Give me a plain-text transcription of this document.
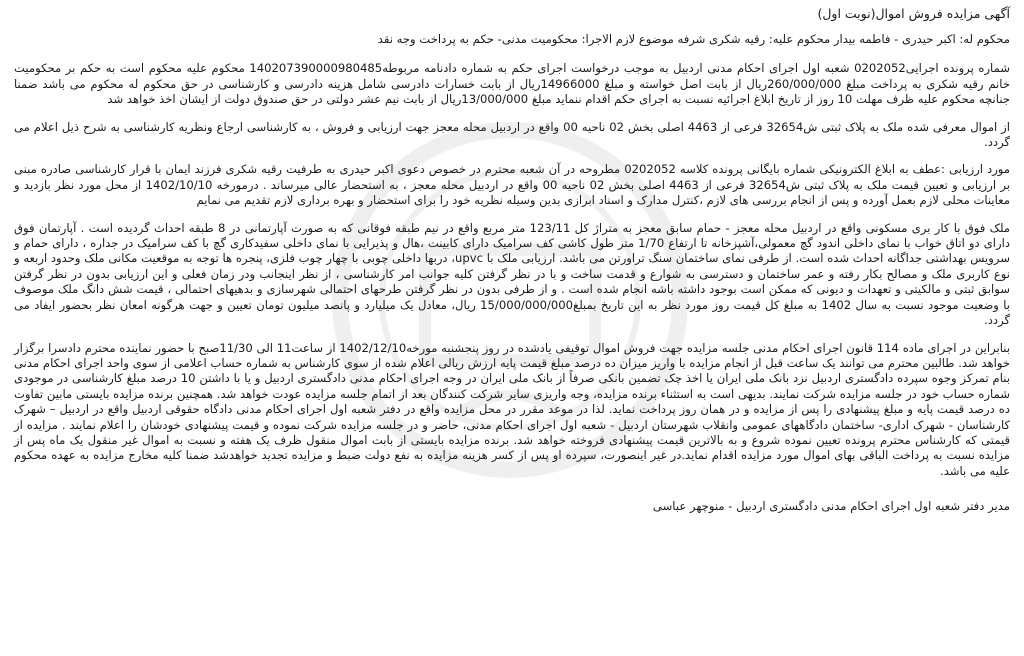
آگهی مزایده فروش اموال(نوبت اول)
محکوم له: اکبر حیدری - فاطمه بیدار محکوم علیه: رقیه شکری شرفه موضوع لازم الاجرا: محکومیت مدنی- حکم به پرداخت وجه نقد
شماره پرونده اجرایی0202052 شعبه اول اجرای احکام مدنی اردبیل به موجب درخواست اجرای حکم به شماره دادنامه مربوطه140207390000980485 محکوم علیه محکوم است به حکم بر محکومیت خانم رقیه شکری به پرداخت مبلغ 260/000/000ریال از بابت اصل خواسته و مبلغ 14966000ریال از بابت خسارات دادرسی شامل هزینه دادرسی و کارشناسی در حق محکوم له محکوم می باشد ضمنا جنانچه محکوم علیه ظرف مهلت 10 روز از تاریخ ابلاغ اجرائیه نسبت به اجرای حکم اقدام ننماید مبلغ 13/000/000ریال از بابت نیم عشر دولتی در حق صندوق دولت از ایشان اخذ خواهد شد
از اموال معرفی شده ملک به پلاک ثبتی ش32654 فرعی از 4463 اصلی بخش 02 ناحیه 00 واقع در اردبیل محله معجز جهت ارزیابی و فروش ، به کارشناسی ارجاع ونظریه کارشناسی به شرح ذیل اعلام می گردد.
مورد ارزیابی :عطف به ابلاغ الکترونیکی شماره بایگانی پرونده کلاسه 0202052 مطروحه در آن شعبه محترم در خصوص دعوی اکبر حیدری به طرفیت رقیه شکری فرزند ایمان با قرار کارشناسی صادره مبنی بر ارزیابی و تعیین قیمت ملک به پلاک ثبتی ش32654 فرعی از 4463 اصلی بخش 02 ناحیه 00 واقع در اردبیل محله معجز ، به استحضار عالی میرساند . درمورخه 1402/10/10 از محل مورد نظر بازدید و معاینات محلی لازم بعمل آورده و پس از انجام بررسی های لازم ،کنترل مدارک و اسناد ابرازی بدین وسیله نظریه خود را برای استحضار و بهره برداری لازم تقدیم می نمایم
ملک فوق با کار بری مسکونی واقع در اردبیل محله معجز - حمام سابق معجز به متراژ کل 123/11 متر مربع واقع در نیم طبقه فوقانی که به صورت آپارتمانی در 8 طبقه احداث گردیده است . آپارتمان فوق دارای دو اتاق خواب با نمای داخلی اندود گچ معمولی،آشپزخانه تا ارتفاع 1/70 متر طول کاشی کف سرامیک دارای کابینت ،هال و پذیرایی با نمای داخلی سفیدکاری گچ با کف سرامیک در جداره ، دارای حمام و سرویس بهداشتی جداگانه احداث شده است. از طرفی نمای ساختمان سنگ تراورتن می باشد. ارزیابی ملک با upvc، دربها داخلی چوبی با چهار چوب فلزی، پنجره ها توجه به موقعیت مکانی ملک وحدود اربعه و نوع کاربری ملک و مصالح بکار رفته و عمر ساختمان و دسترسی به شوارع و قدمت ساخت و با در نظر گرفتن کلیه جوانب امر کارشناسی ، از نظر اینجانب ودر زمان فعلی و این ارزیابی بدون در نظر گرفتن سوابق ثبتی و مالکیتی و تعهدات و دیونی که ممکن است بوجود داشته باشه انجام شده است . و از طرفی بدون در نظر گرفتن طرحهای احتمالی شهرسازی و بدهیهای احتمالی ، قیمت شش دانگ ملک موصوف با وضعیت موجود نسبت به سال 1402 به مبلغ کل قیمت روز مورد نظر به این تاریخ بمبلغ15/000/000/000 ریال، معادل یک میلیارد و پانصد میلیون تومان تعیین و جهت هرگونه امعان نظر بحضور ایفاد می گردد.
بنابراین در اجرای ماده 114 قانون اجرای احکام مدنی جلسه مزایده جهت فروش اموال توقیفی یادشده در روز پنجشنبه مورخه1402/12/10 از ساعت11 الی 11/30صبح با حضور نماینده محترم دادسرا برگزار خواهد شد. طالبین محترم می توانند یک ساعت قبل از انجام مزایده با واریز میزان ده درصد مبلغ قیمت پایه ارزش ریالی اعلام شده از سوی کارشناس به شماره حساب اعلامی از سوی واحد اجرای احکام مدنی بنام تمرکز وجوه سپرده دادگستری اردبیل نزد بانک ملی ایران یا اخذ چک تضمین بانکی صرفاً از بانک ملی ایران در وجه اجرای احکام مدنی دادگستری اردبیل و یا با داشتن 10 درصد مبلغ کارشناسی در موجودی شماره حساب خود در جلسه مزایده شرکت نمایند. بدیهی است به استثناء برنده مزایده، وجه واریزی سایر شرکت کنندگان بعد از اتمام جلسه مزایده عودت خواهد شد. همچنین برنده مزایده بایستی مابین تفاوت ده درصد قیمت پایه و مبلغ پیشنهادی را پس از مزایده و در همان روز پرداخت نماید. لذا در موعد مقرر در محل مزایده واقع در دفتر شعبه اول اجرای احکام مدنی دادگاه حقوقی اردبیل واقع در اردبیل – شهرک کارشناسان - شهرک اداری- ساختمان دادگاههای عمومی وانقلاب شهرستان اردبیل - شعبه اول اجرای احکام مدنی، حاضر و در جلسه مزایده شرکت نموده و قیمت پیشنهادی خودشان را اعلام نمایند . مزایده از قیمتی که کارشناس محترم پرونده تعیین نموده شروع و به بالاترین قیمت پیشنهادی فروخته خواهد شد. برنده مزایده بایستی از بابت اموال منقول ظرف یک هفته و نسبت به اموال غیر منقول یک ماه پس از مزایده نسبت به پرداخت الباقی بهای اموال مورد مزایده اقدام نماید.در غیر اینصورت، سپرده او پس از کسر هزینه مزایده به نفع دولت ضبط و مزایده تجدید خواهدشد ضمنا کلیه مخارج مزایده به عهده محکوم علیه می باشد.
مدیر دفتر شعبه اول اجرای احکام مدنی دادگستری اردبیل - منوچهر عباسی
